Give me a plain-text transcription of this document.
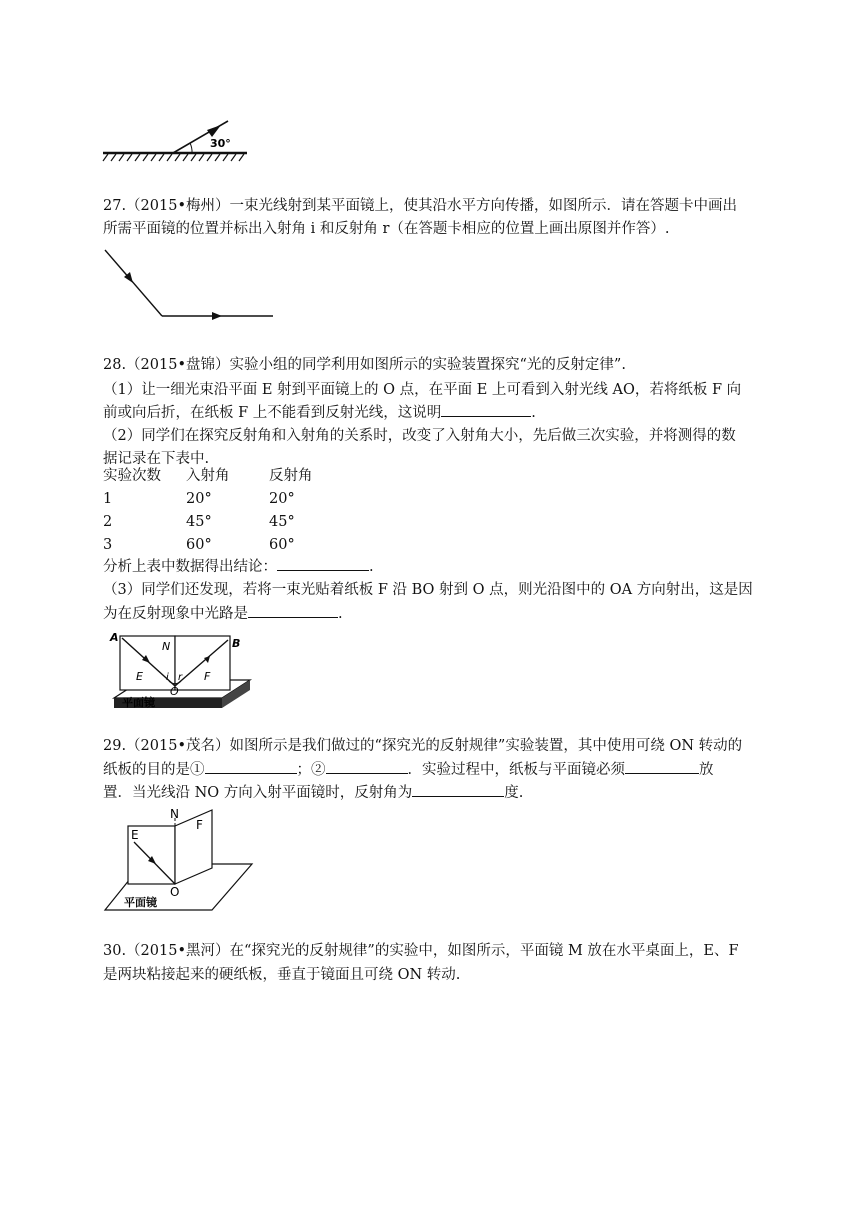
30°
27.（2015•梅州）一束光线射到某平面镜上，使其沿水平方向传播，如图所示．请在答题卡中画出
所需平面镜的位置并标出入射角 i 和反射角 r（在答题卡相应的位置上画出原图并作答）.
28.（2015•盘锦）实验小组的同学利用如图所示的实验装置探究“光的反射定律”.
（1）让一细光束沿平面 E 射到平面镜上的 O 点，在平面 E 上可看到入射光线 AO，若将纸板 F 向
前或向后折，在纸板 F 上不能看到反射光线，这说明	.
（2）同学们在探究反射角和入射角的关系时，改变了入射角大小，先后做三次实验，并将测得的数
据记录在下表中.
实验次数 入射角	反射角
1	20°	20°
2	45°	45°
3	60°	60°
分析上表中数据得出结论：	.
（3）同学们还发现，若将一束光贴着纸板 F 沿 BO 射到 O 点，则光沿图中的 OA 方向射出，这是因
为在反射现象中光路是	.
A
N	B
i r
E
O
F
平面镜
29.（2015•茂名）如图所示是我们做过的“探究光的反射规律”实验装置，其中使用可绕 ON 转动的
纸板的目的是①	；②	．实验过程中，纸板与平面镜必须	放
置．当光线沿 NO 方向入射平面镜时，反射角为	度.
N
F
E
O
平面镜
30.（2015•黑河）在“探究光的反射规律”的实验中，如图所示，平面镜 M 放在水平桌面上，E、F
是两块粘接起来的硬纸板，垂直于镜面且可绕 ON 转动.
